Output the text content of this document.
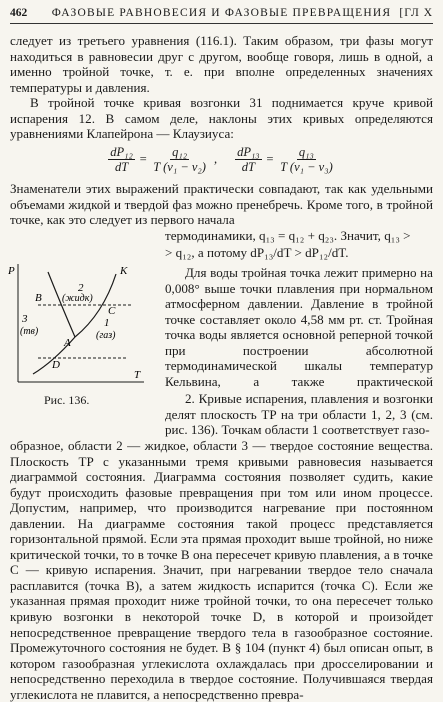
462	ФАЗОВЫЕ РАВНОВЕСИЯ И ФАЗОВЫЕ ПРЕВРАЩЕНИЯ [ГЛ X

следует из третьего уравнения (116.1). Таким образом, три фазы могут находиться в равновесии друг с другом, вообще говоря, лишь в одной, а именно тройной точке, т. е. при вполне определенных значениях температуры и давления.

В тройной точке кривая возгонки 31 поднимается круче кривой испарения 12. В самом деле, наклоны этих кривых определяются уравнениями Клапейрона — Клаузиуса:

$\frac{\text{dP₁₂}}{dT} = \frac{\text{q₁₂}}{\text{T (v₁ − v₂)}}$ , $\frac{\text{dP₁₃}}{dT} = \frac{\text{q₁₃}}{\text{T (v₁ − v₃)}}$

Знаменатели этих выражений практически совпадают, так как удельными объемами жидкой и твердой фаз можно пренебречь. Кроме того, в тройной точке, как это следует из первого начала

термодинамики, q₁₃ = q₁₂ + q₂₃. Значит, q₁₃ >

> q₁₂, а потому dP₁₃/dT > dP₁₂/dT.

Для воды тройная точка лежит примерно на 0,008° выше точки плавления при нормальном атмосферном давлении. Давление в тройной точке составляет около 4,58 мм рт. ст. Тройная точка воды является основной реперной точкой при построении абсолютной термодинамической шкалы температур Кельвина, а также практической

2. Кривые испарения, плавления и возгонки делят плоскость TP на три области 1, 2, 3 (см. рис. 136). Точкам области 1 соответствует газо-

образное, области 2 — жидкое, области 3 — твердое состояние вещества. Плоскость TP с указанными тремя кривыми равновесия называется диаграммой состояния. Диаграмма состояния позволяет судить, какие будут происходить фазовые превращения при том или ином процессе. Допустим, например, что производится нагревание при постоянном давлении. На диаграмме состояния такой процесс представляется горизонтальной прямой. Если эта прямая проходит выше тройной, но ниже критической точки, то в точке B она пересечет кривую плавления, а в точке C — кривую испарения. Значит, при нагревании твердое тело сначала расплавится (точка B), а затем жидкость испарится (точка C). Если же указанная прямая проходит ниже тройной точки, то она пересечет только кривую возгонки в некоторой точке D, в которой и произойдет непосредственное превращение твердого тела в газообразное состояние. Промежуточного состояния не будет. В § 104 (пункт 4) был описан опыт, в котором газообразная углекислота охлаждалась при дросселировании и непосредственно переходила в твердое состояние. Получившаяся твердая углекислота не плавится, а непосредственно превра-

P
T
K
2
(жидк)
B
C
3
(тв)
A
1
(газ)
D
Рис. 136.
